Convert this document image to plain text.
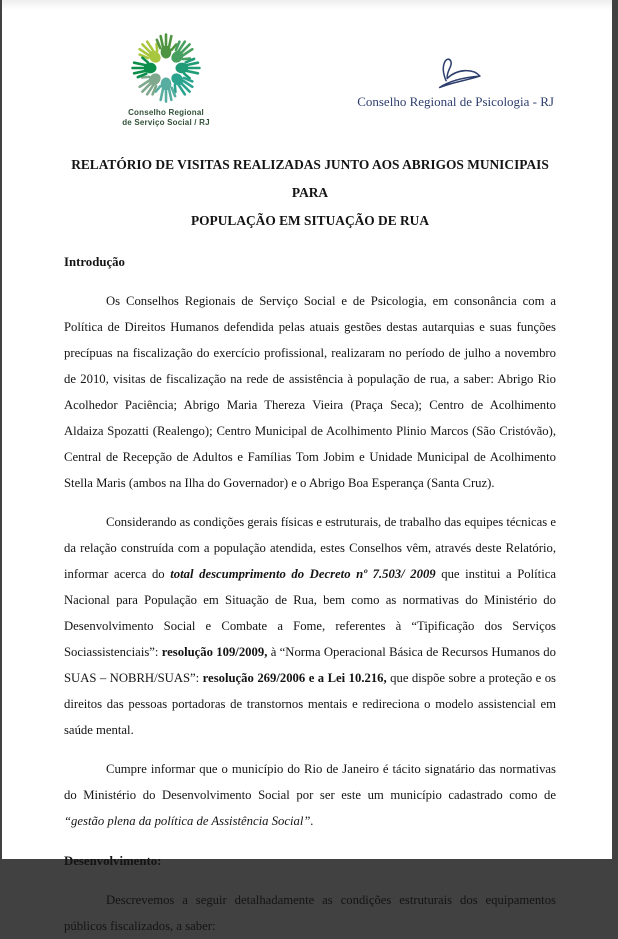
Conselho Regional
de Serviço Social / RJ
Conselho Regional de Psicologia - RJ
RELATÓRIO DE VISITAS REALIZADAS JUNTO AOS ABRIGOS MUNICIPAIS PARA
POPULAÇÃO EM SITUAÇÃO DE RUA
Introdução

Os Conselhos Regionais de Serviço Social e de Psicologia, em consonância com a Política de Direitos Humanos defendida pelas atuais gestões destas autarquias e suas funções precípuas na fiscalização do exercício profissional, realizaram no período de julho a novembro de 2010, visitas de fiscalização na rede de assistência à população de rua, a saber: Abrigo Rio Acolhedor Paciência; Abrigo Maria Thereza Vieira (Praça Seca); Centro de Acolhimento Aldaiza Spozatti (Realengo); Centro Municipal de Acolhimento Plinio Marcos (São Cristóvão), Central de Recepção de Adultos e Famílias Tom Jobim e Unidade Municipal de Acolhimento Stella Maris (ambos na Ilha do Governador) e o Abrigo Boa Esperança (Santa Cruz).

Considerando as condições gerais físicas e estruturais, de trabalho das equipes técnicas e da relação construída com a população atendida, estes Conselhos vêm, através deste Relatório, informar acerca do total descumprimento do Decreto nº 7.503/ 2009 que institui a Política Nacional para População em Situação de Rua, bem como as normativas do Ministério do Desenvolvimento Social e Combate a Fome, referentes à “Tipificação dos Serviços Sociassistenciais”: resolução 109/2009, à “Norma Operacional Básica de Recursos Humanos do SUAS – NOBRH/SUAS”: resolução 269/2006 e a Lei 10.216, que dispõe sobre a proteção e os direitos das pessoas portadoras de transtornos mentais e redireciona o modelo assistencial em saúde mental.

Cumpre informar que o município do Rio de Janeiro é tácito signatário das normativas do Ministério do Desenvolvimento Social por ser este um município cadastrado como de “gestão plena da política de Assistência Social”.

Desenvolvimento:

Descrevemos a seguir detalhadamente as condições estruturais dos equipamentos públicos fiscalizados, a saber:
